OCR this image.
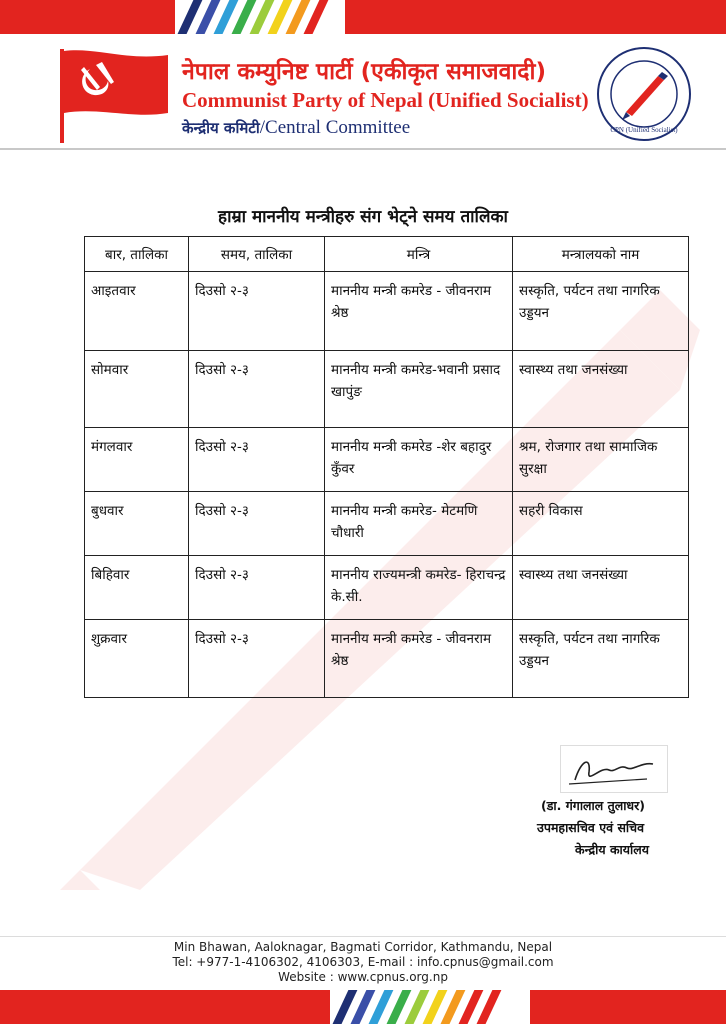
नेपाल कम्युनिष्ट पार्टी (एकीकृत समाजवादी)
Communist Party of Nepal (Unified Socialist)
केन्द्रीय कमिटी/Central Committee	CPN (Unified Socialist)
हाम्रा माननीय मन्त्रीहरु संग भेट्ने समय तालिका
बार, तालिका	समय, तालिका	मन्त्रि	मन्त्रालयको नाम
आइतवार	दिउसो २-३	माननीय मन्त्री कमरेड - जीवनराम श्रेष्ठ	सस्कृति, पर्यटन तथा नागरिक उड्डयन
सोमवार	दिउसो २-३	माननीय मन्त्री कमरेड-भवानी प्रसाद खापुंङ	स्वास्थ्य तथा जनसंख्या
मंगलवार	दिउसो २-३	माननीय मन्त्री कमरेड -शेर बहादुर कुँवर	श्रम, रोजगार तथा सामाजिक सुरक्षा
बुधवार	दिउसो २-३	माननीय मन्त्री कमरेड- मेटमणि चौधारी	सहरी विकास
बिहिवार	दिउसो २-३	माननीय राज्यमन्त्री कमरेड- हिराचन्द्र के.सी.	स्वास्थ्य तथा जनसंख्या
शुक्रवार	दिउसो २-३	माननीय मन्त्री कमरेड - जीवनराम श्रेष्ठ	सस्कृति, पर्यटन तथा नागरिक उड्डयन
(डा. गंगालाल तुलाधर)
उपमहासचिव एवं सचिव
केन्द्रीय कार्यालय
Min Bhawan, Aaloknagar, Bagmati Corridor, Kathmandu, Nepal
Tel: +977-1-4106302, 4106303, E-mail : info.cpnus@gmail.com
Website : www.cpnus.org.np
